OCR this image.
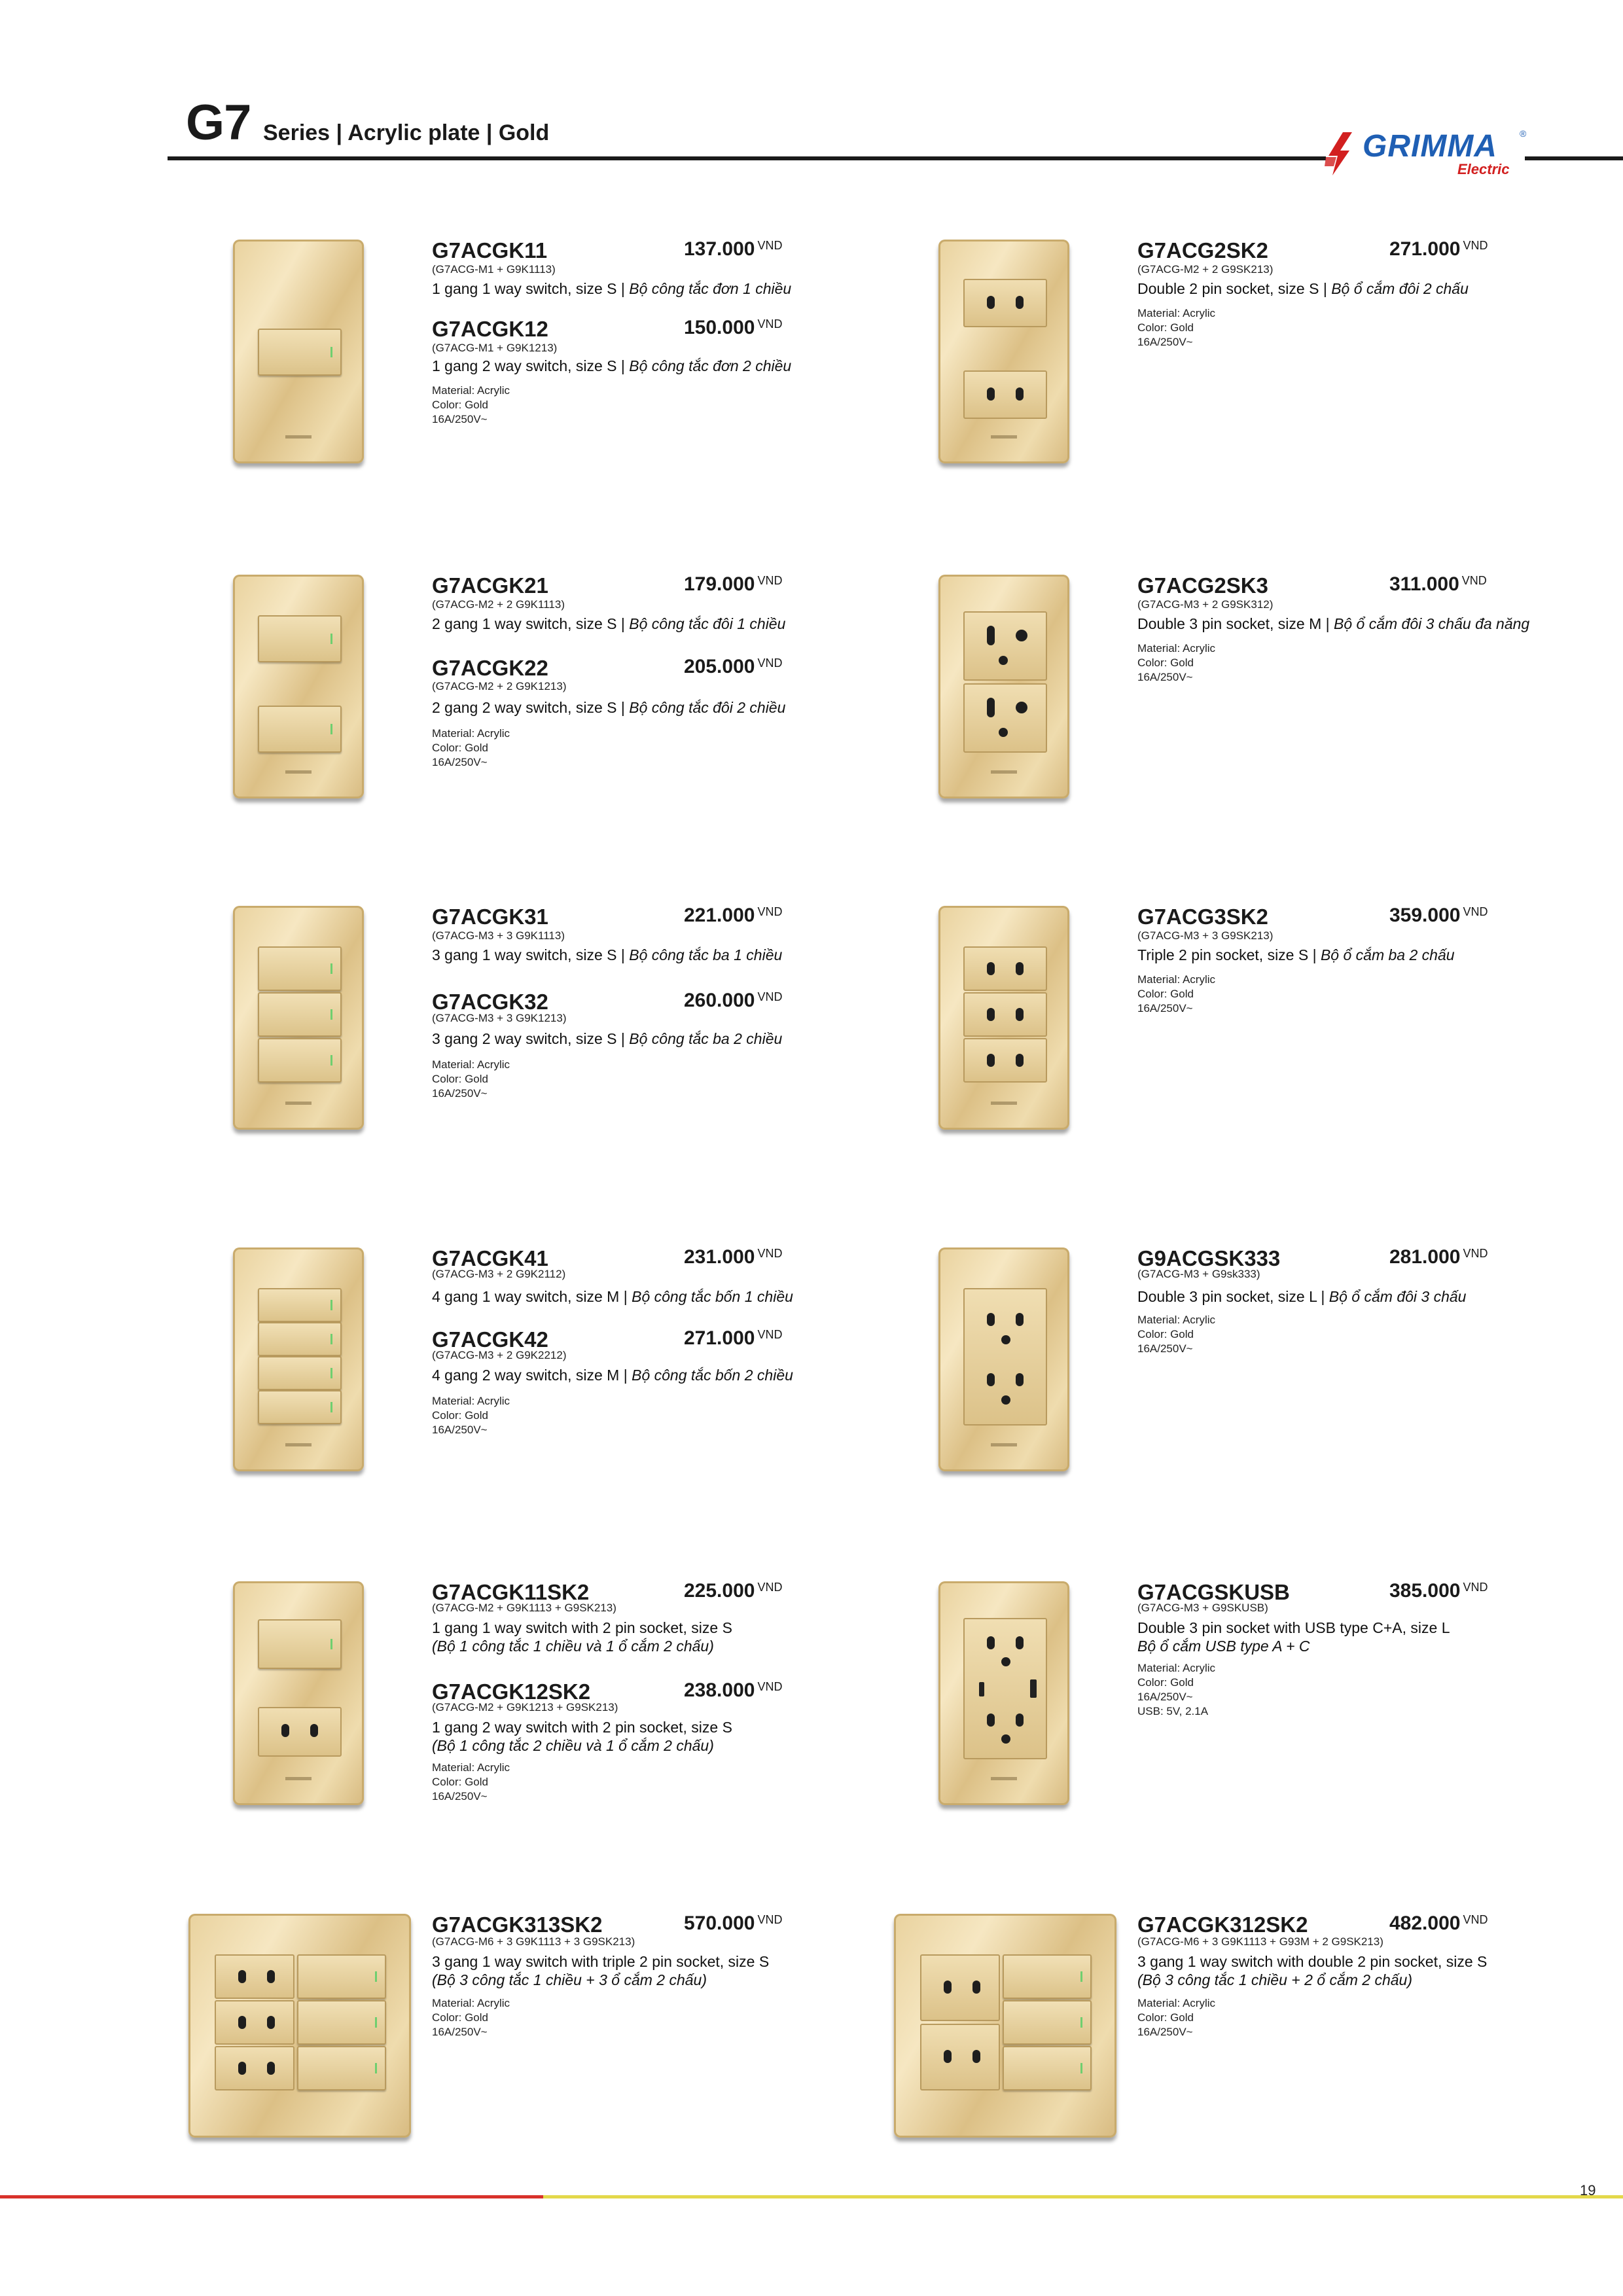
G7 Series | Acrylic plate | Gold	GRIMMA ®
Electric
G7ACGK11	137.000 $^{VND}$
(G7ACG-M1 + G9K1113)
1 gang 1 way switch, size S | Bộ công tắc đơn 1 chiều
G7ACGK12	150.000 $^{VND}$
(G7ACG-M1 + G9K1213)
1 gang 2 way switch, size S | Bộ công tắc đơn 2 chiều
Material: Acrylic
Color: Gold
16A/250V~
G7ACG2SK2	271.000 $^{VND}$
(G7ACG-M2 + 2 G9SK213)
Double 2 pin socket, size S | Bộ ổ cắm đôi 2 chấu
Material: Acrylic
Color: Gold
16A/250V~
G7ACGK21	179.000 $^{VND}$
(G7ACG-M2 + 2 G9K1113)
2 gang 1 way switch, size S | Bộ công tắc đôi 1 chiều
G7ACGK22	205.000 $^{VND}$
(G7ACG-M2 + 2 G9K1213)
2 gang 2 way switch, size S | Bộ công tắc đôi 2 chiều
Material: Acrylic
Color: Gold
16A/250V~
G7ACG2SK3	311.000 $^{VND}$
(G7ACG-M3 + 2 G9SK312)
Double 3 pin socket, size M | Bộ ổ cắm đôi 3 chấu đa năng
Material: Acrylic
Color: Gold
16A/250V~
G7ACGK31	221.000 $^{VND}$
(G7ACG-M3 + 3 G9K1113)
3 gang 1 way switch, size S | Bộ công tắc ba 1 chiều
G7ACGK32	260.000 $^{VND}$
(G7ACG-M3 + 3 G9K1213)
3 gang 2 way switch, size S | Bộ công tắc ba 2 chiều
Material: Acrylic
Color: Gold
16A/250V~
G7ACG3SK2	359.000 $^{VND}$
(G7ACG-M3 + 3 G9SK213)
Triple 2 pin socket, size S | Bộ ổ cắm ba 2 chấu
Material: Acrylic
Color: Gold
16A/250V~
G7ACGK41	231.000 $^{VND}$
(G7ACG-M3 + 2 G9K2112)
4 gang 1 way switch, size M | Bộ công tắc bốn 1 chiều
G7ACGK42	271.000 $^{VND}$
(G7ACG-M3 + 2 G9K2212)
4 gang 2 way switch, size M | Bộ công tắc bốn 2 chiều
Material: Acrylic
Color: Gold
16A/250V~
G9ACGSK333	281.000 $^{VND}$
(G7ACG-M3 + G9sk333)
Double 3 pin socket, size L | Bộ ổ cắm đôi 3 chấu
Material: Acrylic
Color: Gold
16A/250V~
G7ACGK11SK2	225.000 $^{VND}$
(G7ACG-M2 + G9K1113 + G9SK213)
1 gang 1 way switch with 2 pin socket, size S
(Bộ 1 công tắc 1 chiều và 1 ổ cắm 2 chấu)
G7ACGK12SK2	238.000 $^{VND}$
(G7ACG-M2 + G9K1213 + G9SK213)
1 gang 2 way switch with 2 pin socket, size S
(Bộ 1 công tắc 2 chiều và 1 ổ cắm 2 chấu)
Material: Acrylic
Color: Gold
16A/250V~
G7ACGSKUSB	385.000 $^{VND}$
(G7ACG-M3 + G9SKUSB)
Double 3 pin socket with USB type C+A, size L
Bộ ổ cắm USB type A + C
Material: Acrylic
Color: Gold
16A/250V~
USB: 5V, 2.1A
G7ACGK313SK2	570.000 $^{VND}$
(G7ACG-M6 + 3 G9K1113 + 3 G9SK213)
3 gang 1 way switch with triple 2 pin socket, size S
(Bộ 3 công tắc 1 chiều + 3 ổ cắm 2 chấu)
Material: Acrylic
Color: Gold
16A/250V~
G7ACGK312SK2	482.000 $^{VND}$
(G7ACG-M6 + 3 G9K1113 + G93M + 2 G9SK213)
3 gang 1 way switch with double 2 pin socket, size S
(Bộ 3 công tắc 1 chiều + 2 ổ cắm 2 chấu)
Material: Acrylic
Color: Gold
16A/250V~
19
